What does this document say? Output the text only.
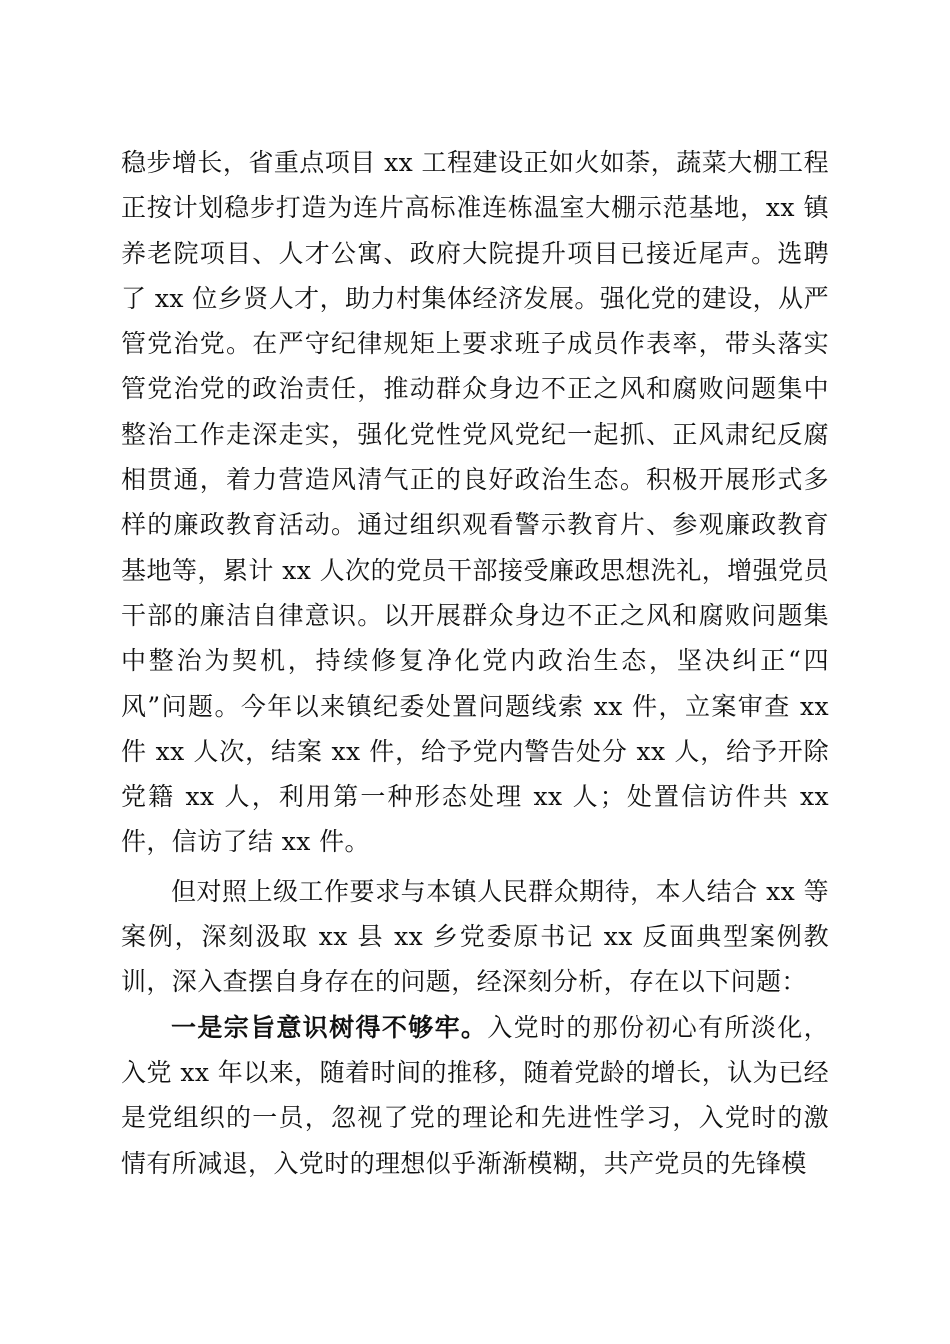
稳步增长，省重点项目 xx 工程建设正如火如荼，蔬菜大棚工程正按计划稳步打造为连片高标准连栋温室大棚示范基地，xx 镇养老院项目、人才公寓、政府大院提升项目已接近尾声。选聘了 xx 位乡贤人才，助力村集体经济发展。强化党的建设，从严管党治党。在严守纪律规矩上要求班子成员作表率，带头落实管党治党的政治责任，推动群众身边不正之风和腐败问题集中整治工作走深走实，强化党性党风党纪一起抓、正风肃纪反腐相贯通，着力营造风清气正的良好政治生态。积极开展形式多样的廉政教育活动。通过组织观看警示教育片、参观廉政教育基地等，累计 xx 人次的党员干部接受廉政思想洗礼，增强党员干部的廉洁自律意识。以开展群众身边不正之风和腐败问题集中整治为契机，持续修复净化党内政治生态，坚决纠正“四风”问题。今年以来镇纪委处置问题线索 xx 件，立案审查 xx 件 xx 人次，结案 xx 件，给予党内警告处分 xx 人，给予开除党籍 xx 人，利用第一种形态处理 xx 人；处置信访件共 xx 件，信访了结 xx 件。

但对照上级工作要求与本镇人民群众期待，本人结合 xx 等案例，深刻汲取 xx 县 xx 乡党委原书记 xx 反面典型案例教训，深入查摆自身存在的问题，经深刻分析，存在以下问题：

一是宗旨意识树得不够牢。入党时的那份初心有所淡化，入党 xx 年以来，随着时间的推移，随着党龄的增长，认为已经是党组织的一员，忽视了党的理论和先进性学习，入党时的激情有所减退，入党时的理想似乎渐渐模糊，共产党员的先锋模
